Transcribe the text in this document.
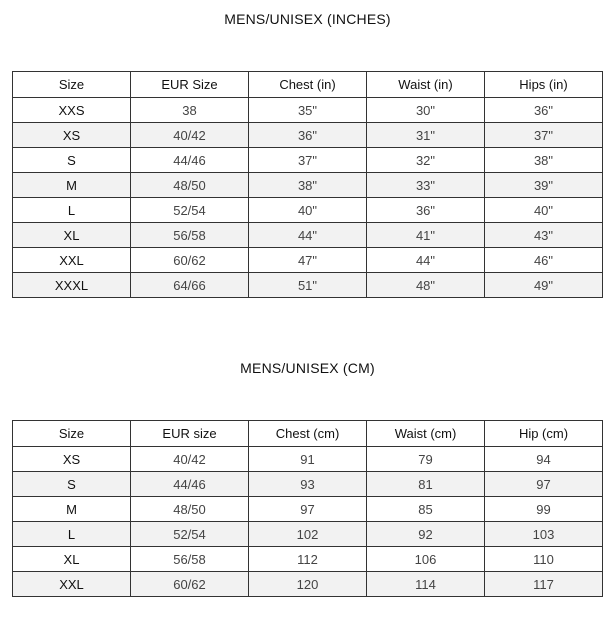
MENS/UNISEX (INCHES)
Size	EUR Size	Chest (in)	Waist (in)	Hips (in)
XXS	38	35"	30"	36"
XS	40/42	36"	31"	37"
S	44/46	37"	32"	38"
M	48/50	38"	33"	39"
L	52/54	40"	36"	40"
XL	56/58	44"	41"	43"
XXL	60/62	47"	44"	46"
XXXL	64/66	51"	48"	49"
MENS/UNISEX (CM)
Size	EUR size	Chest (cm)	Waist (cm)	Hip (cm)
XS	40/42	91	79	94
S	44/46	93	81	97
M	48/50	97	85	99
L	52/54	102	92	103
XL	56/58	112	106	110
XXL	60/62	120	114	117
